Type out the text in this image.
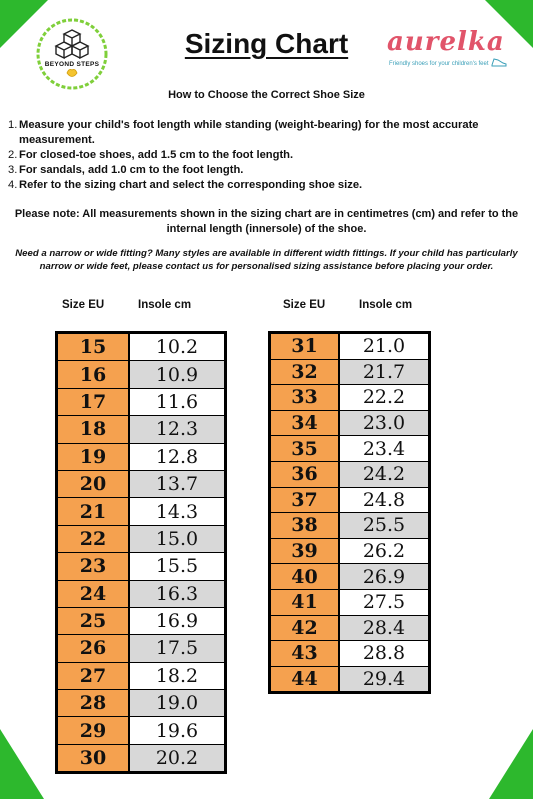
BEYOND STEPS
Sizing Chart	aurelka
Friendly shoes for your children's feet
How to Choose the Correct Shoe Size
1. Measure your child's foot length while standing (weight-bearing) for the most accurate measurement.
2. For closed-toe shoes, add 1.5 cm to the foot length.
3. For sandals, add 1.0 cm to the foot length.
4. Refer to the sizing chart and select the corresponding shoe size.
Please note: All measurements shown in the sizing chart are in centimetres (cm) and refer to the internal length (innersole) of the shoe.
Need a narrow or wide fitting? Many styles are available in different width fittings. If your child has particularly narrow or wide feet, please contact us for personalised sizing assistance before placing your order.
Size EU	Insole cm	Size EU	Insole cm
15	10.2
16	10.9
17	11.6
18	12.3
19	12.8
20	13.7
21	14.3
22	15.0
23	15.5
24	16.3
25	16.9
26	17.5
27	18.2
28	19.0
29	19.6
30	20.2
31	21.0
32	21.7
33	22.2
34	23.0
35	23.4
36	24.2
37	24.8
38	25.5
39	26.2
40	26.9
41	27.5
42	28.4
43	28.8
44	29.4
